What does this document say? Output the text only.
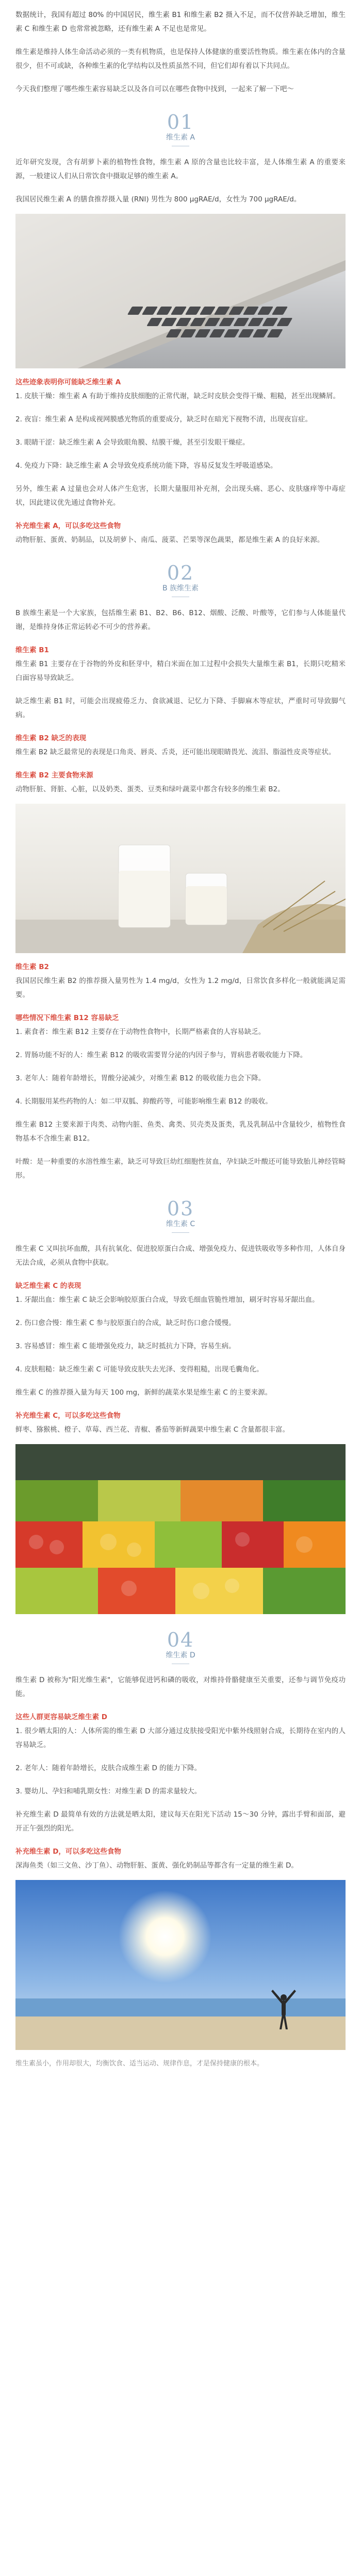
数据统计，我国有超过 80% 的中国居民，维生素 B1 和维生素 B2 摄入不足，而不仅营养缺乏增加，维生素 C 和维生素 D 也常常被忽略，还有维生素 A 不足也是常见。

维生素是维持人体生命活动必须的一类有机物质，也是保持人体健康的重要活性物质。维生素在体内的含量很少，但不可或缺，各种维生素的化学结构以及性质虽然不同，但它们却有着以下共同点。

今天我们整理了哪些维生素容易缺乏以及各自可以在哪些食物中找到，一起来了解一下吧～

01
维生素 A

近年研究发现，含有胡萝卜素的植物性食物，维生素 A 原的含量也比较丰富，是人体维生素 A 的重要来源，一般建议人们从日常饮食中摄取足够的维生素 A。

我国居民维生素 A 的膳食推荐摄入量 (RNI) 男性为 800 μgRAE/d，女性为 700 μgRAE/d。

这些迹象表明你可能缺乏维生素 A

1. 皮肤干燥：维生素 A 有助于维持皮肤细胞的正常代谢，缺乏时皮肤会变得干燥、粗糙，甚至出现鳞屑。

2. 夜盲：维生素 A 是构成视网膜感光物质的重要成分，缺乏时在暗光下视物不清，出现夜盲症。

3. 眼睛干涩：缺乏维生素 A 会导致眼角膜、结膜干燥，甚至引发眼干燥症。

4. 免疫力下降：缺乏维生素 A 会导致免疫系统功能下降，容易反复发生呼吸道感染。

另外，维生素 A 过量也会对人体产生危害，长期大量服用补充剂，会出现头痛、恶心、皮肤瘙痒等中毒症状，因此建议优先通过食物补充。

补充维生素 A，可以多吃这些食物

动物肝脏、蛋黄、奶制品，以及胡萝卜、南瓜、菠菜、芒果等深色蔬果，都是维生素 A 的良好来源。

02
B 族维生素

B 族维生素是一个大家族，包括维生素 B1、B2、B6、B12、烟酸、泛酸、叶酸等，它们参与人体能量代谢，是维持身体正常运转必不可少的营养素。

维生素 B1

维生素 B1 主要存在于谷物的外皮和胚芽中，精白米面在加工过程中会损失大量维生素 B1，长期只吃精米白面容易导致缺乏。

缺乏维生素 B1 时，可能会出现疲倦乏力、食欲减退、记忆力下降、手脚麻木等症状，严重时可导致脚气病。

维生素 B2 缺乏的表现

维生素 B2 缺乏最常见的表现是口角炎、唇炎、舌炎，还可能出现眼睛畏光、流泪、脂溢性皮炎等症状。

维生素 B2 主要食物来源

动物肝脏、肾脏、心脏，以及奶类、蛋类、豆类和绿叶蔬菜中都含有较多的维生素 B2。

维生素 B2

我国居民维生素 B2 的推荐摄入量男性为 1.4 mg/d，女性为 1.2 mg/d，日常饮食多样化一般就能满足需要。

哪些情况下维生素 B12 容易缺乏

1. 素食者：维生素 B12 主要存在于动物性食物中，长期严格素食的人容易缺乏。

2. 胃肠功能不好的人：维生素 B12 的吸收需要胃分泌的内因子参与，胃病患者吸收能力下降。

3. 老年人：随着年龄增长，胃酸分泌减少，对维生素 B12 的吸收能力也会下降。

4. 长期服用某些药物的人：如二甲双胍、抑酸药等，可能影响维生素 B12 的吸收。

维生素 B12 主要来源于肉类、动物内脏、鱼类、禽类、贝壳类及蛋类，乳及乳制品中含量较少，植物性食物基本不含维生素 B12。

叶酸：是一种重要的水溶性维生素，缺乏可导致巨幼红细胞性贫血，孕妇缺乏叶酸还可能导致胎儿神经管畸形。

03
维生素 C

维生素 C 又叫抗坏血酸，具有抗氧化、促进胶原蛋白合成、增强免疫力、促进铁吸收等多种作用，人体自身无法合成，必须从食物中获取。

缺乏维生素 C 的表现

1. 牙龈出血：维生素 C 缺乏会影响胶原蛋白合成，导致毛细血管脆性增加，刷牙时容易牙龈出血。

2. 伤口愈合慢：维生素 C 参与胶原蛋白的合成，缺乏时伤口愈合缓慢。

3. 容易感冒：维生素 C 能增强免疫力，缺乏时抵抗力下降，容易生病。

4. 皮肤粗糙：缺乏维生素 C 可能导致皮肤失去光泽、变得粗糙，出现毛囊角化。

维生素 C 的推荐摄入量为每天 100 mg，新鲜的蔬菜水果是维生素 C 的主要来源。

补充维生素 C，可以多吃这些食物

鲜枣、猕猴桃、橙子、草莓、西兰花、青椒、番茄等新鲜蔬果中维生素 C 含量都很丰富。

04
维生素 D

维生素 D 被称为"阳光维生素"，它能够促进钙和磷的吸收，对维持骨骼健康至关重要，还参与调节免疫功能。

这些人群更容易缺乏维生素 D

1. 很少晒太阳的人：人体所需的维生素 D 大部分通过皮肤接受阳光中紫外线照射合成，长期待在室内的人容易缺乏。

2. 老年人：随着年龄增长，皮肤合成维生素 D 的能力下降。

3. 婴幼儿、孕妇和哺乳期女性：对维生素 D 的需求量较大。

补充维生素 D 最简单有效的方法就是晒太阳，建议每天在阳光下活动 15～30 分钟，露出手臂和面部，避开正午强烈的阳光。

补充维生素 D，可以多吃这些食物

深海鱼类（如三文鱼、沙丁鱼）、动物肝脏、蛋黄、强化奶制品等都含有一定量的维生素 D。

维生素虽小，作用却很大，均衡饮食、适当运动、规律作息，才是保持健康的根本。
